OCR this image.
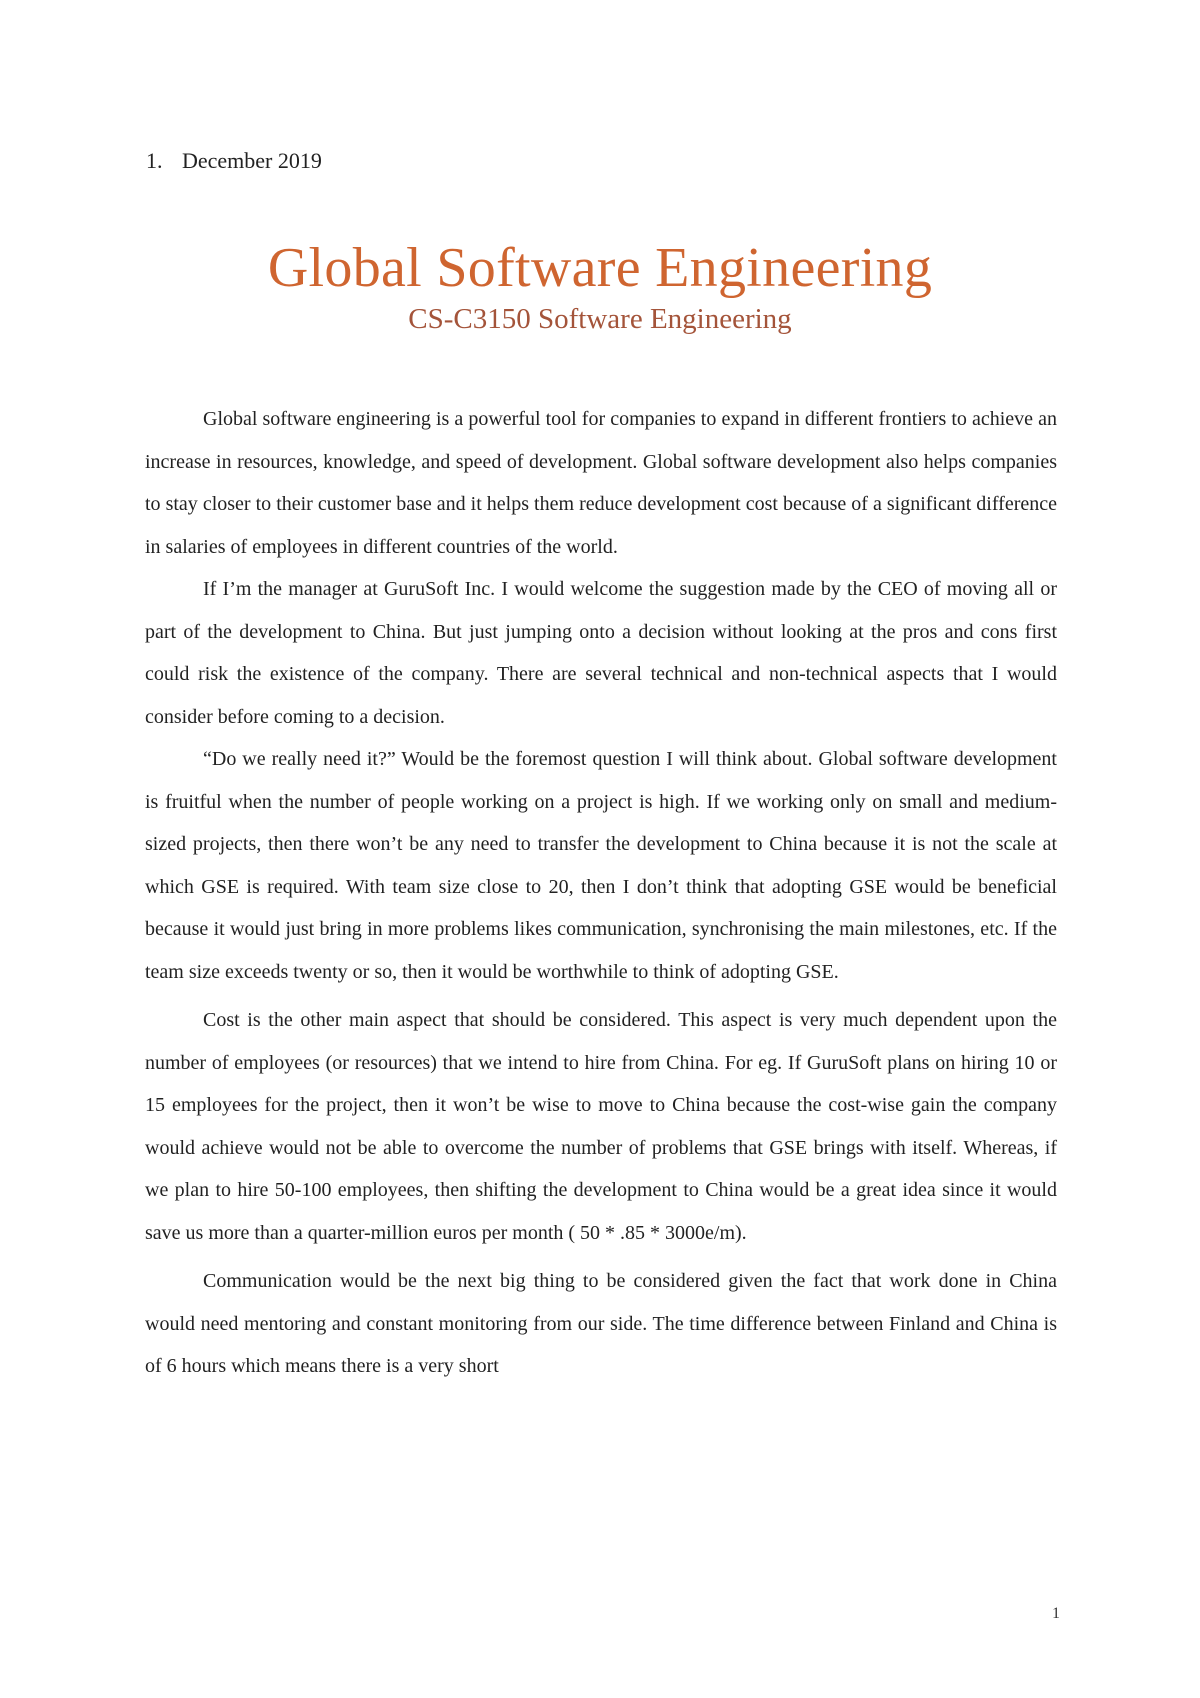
1. December 2019
Global Software Engineering
CS-C3150 Software Engineering

Global software engineering is a powerful tool for companies to expand in different frontiers to achieve an increase in resources, knowledge, and speed of development. Global software development also helps companies to stay closer to their customer base and it helps them reduce development cost because of a significant difference in salaries of employees in different countries of the world.

If I’m the manager at GuruSoft Inc. I would welcome the suggestion made by the CEO of moving all or part of the development to China. But just jumping onto a decision without looking at the pros and cons first could risk the existence of the company. There are several technical and non-technical aspects that I would consider before coming to a decision.

“Do we really need it?” Would be the foremost question I will think about. Global software development is fruitful when the number of people working on a project is high. If we working only on small and medium-sized projects, then there won’t be any need to transfer the development to China because it is not the scale at which GSE is required. With team size close to 20, then I don’t think that adopting GSE would be beneficial because it would just bring in more problems likes communication, synchronising the main milestones, etc. If the team size exceeds twenty or so, then it would be worthwhile to think of adopting GSE.

Cost is the other main aspect that should be considered. This aspect is very much dependent upon the number of employees (or resources) that we intend to hire from China. For eg. If GuruSoft plans on hiring 10 or 15 employees for the project, then it won’t be wise to move to China because the cost-wise gain the company would achieve would not be able to overcome the number of problems that GSE brings with itself. Whereas, if we plan to hire 50-100 employees, then shifting the development to China would be a great idea since it would save us more than a quarter-million euros per month ( 50 * .85 * 3000e/m).

Communication would be the next big thing to be considered given the fact that work done in China would need mentoring and constant monitoring from our side. The time difference between Finland and China is of 6 hours which means there is a very short

1
